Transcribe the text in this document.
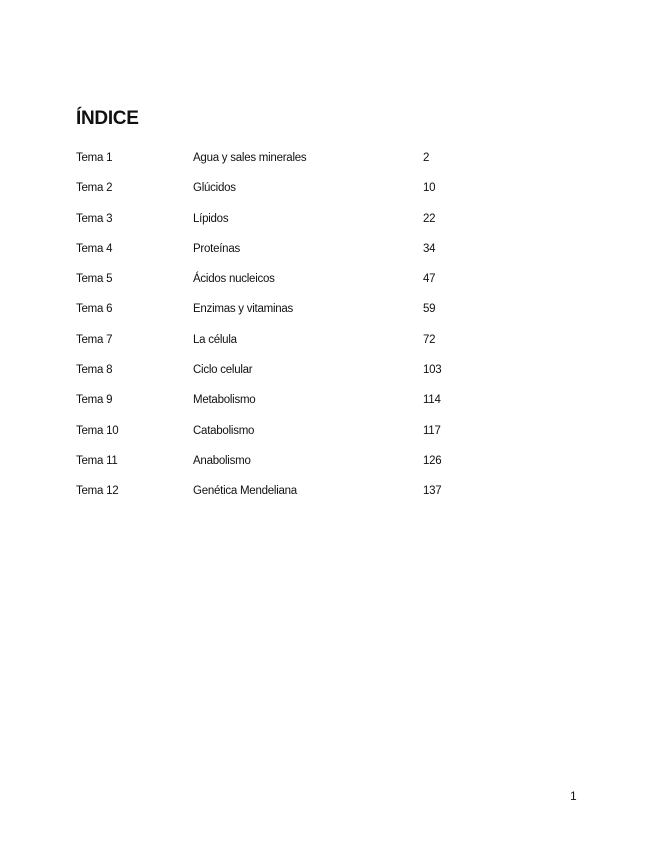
ÍNDICE
Tema 1	Agua y sales minerales	2
Tema 2	Glúcidos	10
Tema 3	Lípidos	22
Tema 4	Proteínas	34
Tema 5	Ácidos nucleicos	47
Tema 6	Enzimas y vitaminas	59
Tema 7	La célula	72
Tema 8	Ciclo celular	103
Tema 9	Metabolismo	114
Tema 10	Catabolismo	117
Tema 11	Anabolismo	126
Tema 12	Genética Mendeliana	137
1
